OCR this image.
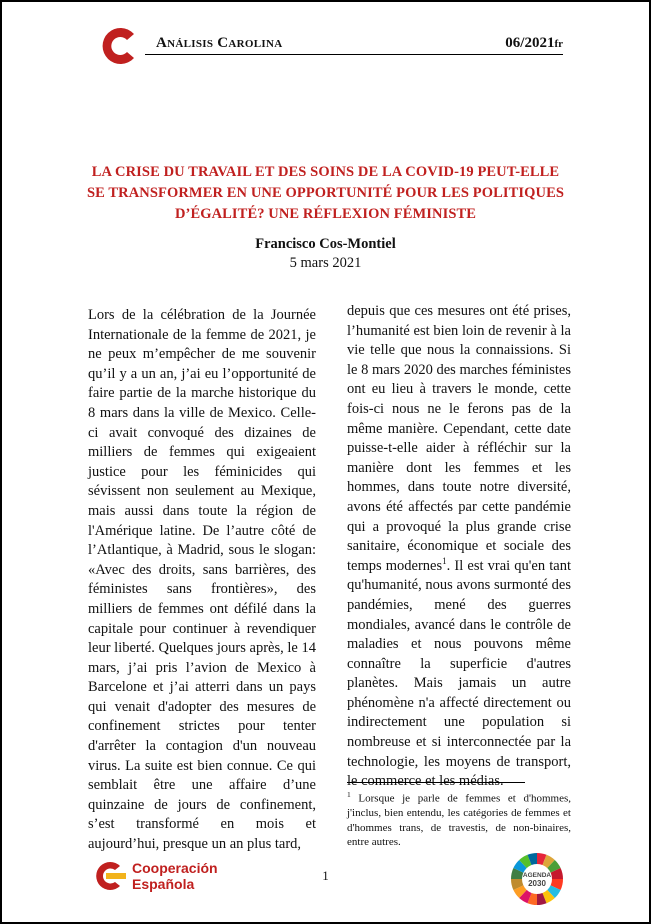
Análisis Carolina	06/2021fr
LA CRISE DU TRAVAIL ET DES SOINS DE LA COVID-19 PEUT-ELLE
SE TRANSFORMER EN UNE OPPORTUNITÉ POUR LES POLITIQUES
D’ÉGALITÉ? UNE RÉFLEXION FÉMINISTE
Francisco Cos-Montiel
5 mars 2021
Lors de la célébration de la Journée Internationale de la femme de 2021, je ne peux m’empêcher de me souvenir qu’il y a un an, j’ai eu l’opportunité de faire partie de la marche historique du 8 mars dans la ville de Mexico. Celle-ci avait convoqué des dizaines de milliers de femmes qui exigeaient justice pour les féminicides qui sévissent non seulement au Mexique, mais aussi dans toute la région de l'Amérique latine. De l’autre côté de l’Atlantique, à Madrid, sous le slogan: «Avec des droits, sans barrières, des féministes sans frontières», des milliers de femmes ont défilé dans la capitale pour continuer à revendiquer leur liberté. Quelques jours après, le 14 mars, j’ai pris l’avion de Mexico à Barcelone et j’ai atterri dans un pays qui venait d'adopter des mesures de confinement strictes pour tenter d'arrêter la contagion d'un nouveau virus. La suite est bien connue. Ce qui semblait être une affaire d’une quinzaine de jours de confinement, s’est transformé en mois et aujourd’hui, presque un an plus tard,
depuis que ces mesures ont été prises, l’humanité est bien loin de revenir à la vie telle que nous la connaissions. Si le 8 mars 2020 des marches féministes ont eu lieu à travers le monde, cette fois-ci nous ne le ferons pas de la même manière. Cependant, cette date puisse-t-elle aider à réfléchir sur la manière dont les femmes et les hommes, dans toute notre diversité, avons été affectés par cette pandémie qui a provoqué la plus grande crise sanitaire, économique et sociale des temps modernes$^1$. Il est vrai qu'en tant qu'humanité, nous avons surmonté des pandémies, mené des guerres mondiales, avancé dans le contrôle de maladies et nous pouvons même connaître la superficie d'autres planètes. Mais jamais un autre phénomène n'a affecté directement ou indirectement une population si nombreuse et si interconnectée par la technologie, les moyens de transport, le commerce et les médias.
$^1$ Lorsque je parle de femmes et d'hommes, j'inclus, bien entendu, les catégories de femmes et d'hommes trans, de travestis, de non-binaires, entre autres.
Cooperación
Española
1	AGENDA
2030
